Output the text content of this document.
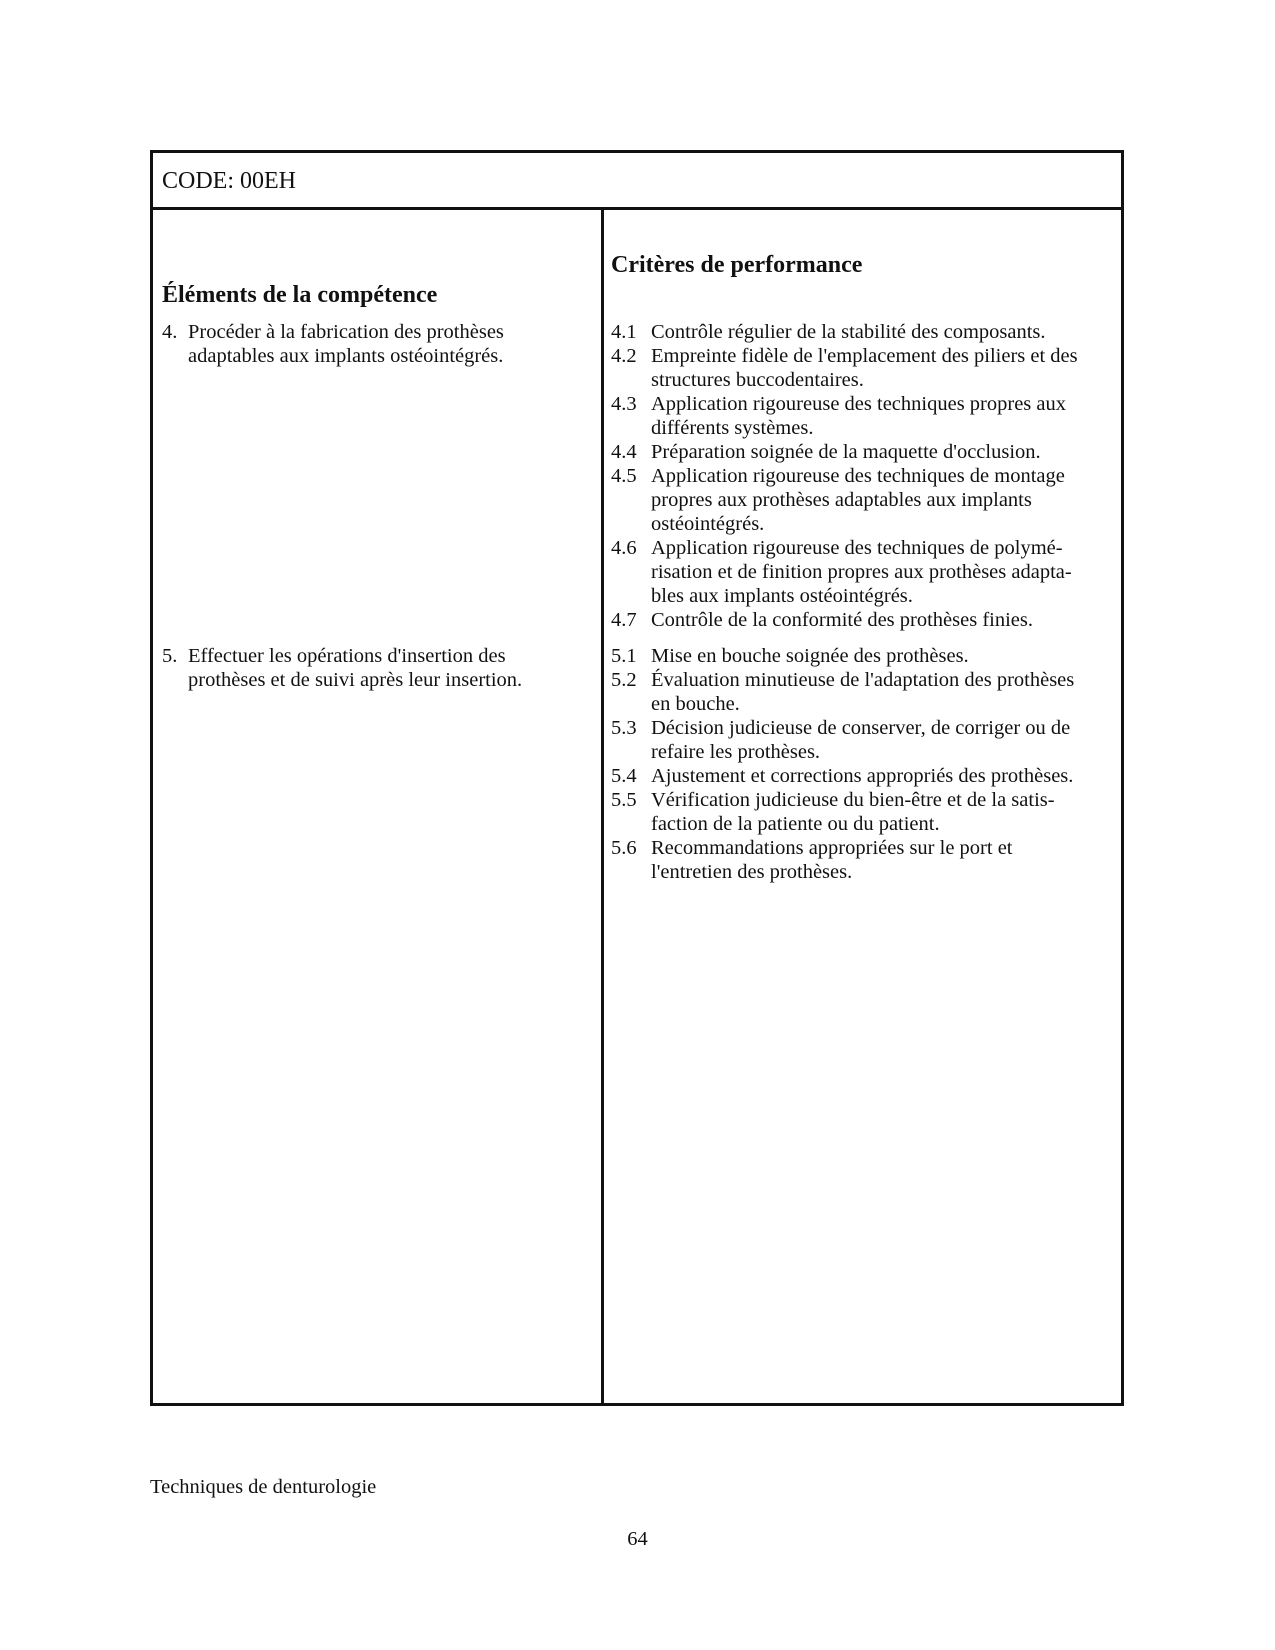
CODE: 00EH
Éléments de la compétence
Critères de performance
4. Procéder à la fabrication des prothèses
adaptables aux implants ostéointégrés.
5. Effectuer les opérations d'insertion des
prothèses et de suivi après leur insertion.
4.1 Contrôle régulier de la stabilité des composants.
4.2 Empreinte fidèle de l'emplacement des piliers et des
structures buccodentaires.
4.3 Application rigoureuse des techniques propres aux
différents systèmes.
4.4 Préparation soignée de la maquette d'occlusion.
4.5 Application rigoureuse des techniques de montage
propres aux prothèses adaptables aux implants
ostéointégrés.
4.6 Application rigoureuse des techniques de polymé-
risation et de finition propres aux prothèses adapta-
bles aux implants ostéointégrés.
4.7 Contrôle de la conformité des prothèses finies.
5.1 Mise en bouche soignée des prothèses.
5.2 Évaluation minutieuse de l'adaptation des prothèses
en bouche.
5.3 Décision judicieuse de conserver, de corriger ou de
refaire les prothèses.
5.4 Ajustement et corrections appropriés des prothèses.
5.5 Vérification judicieuse du bien-être et de la satis-
faction de la patiente ou du patient.
5.6 Recommandations appropriées sur le port et
l'entretien des prothèses.
Techniques de denturologie
64
